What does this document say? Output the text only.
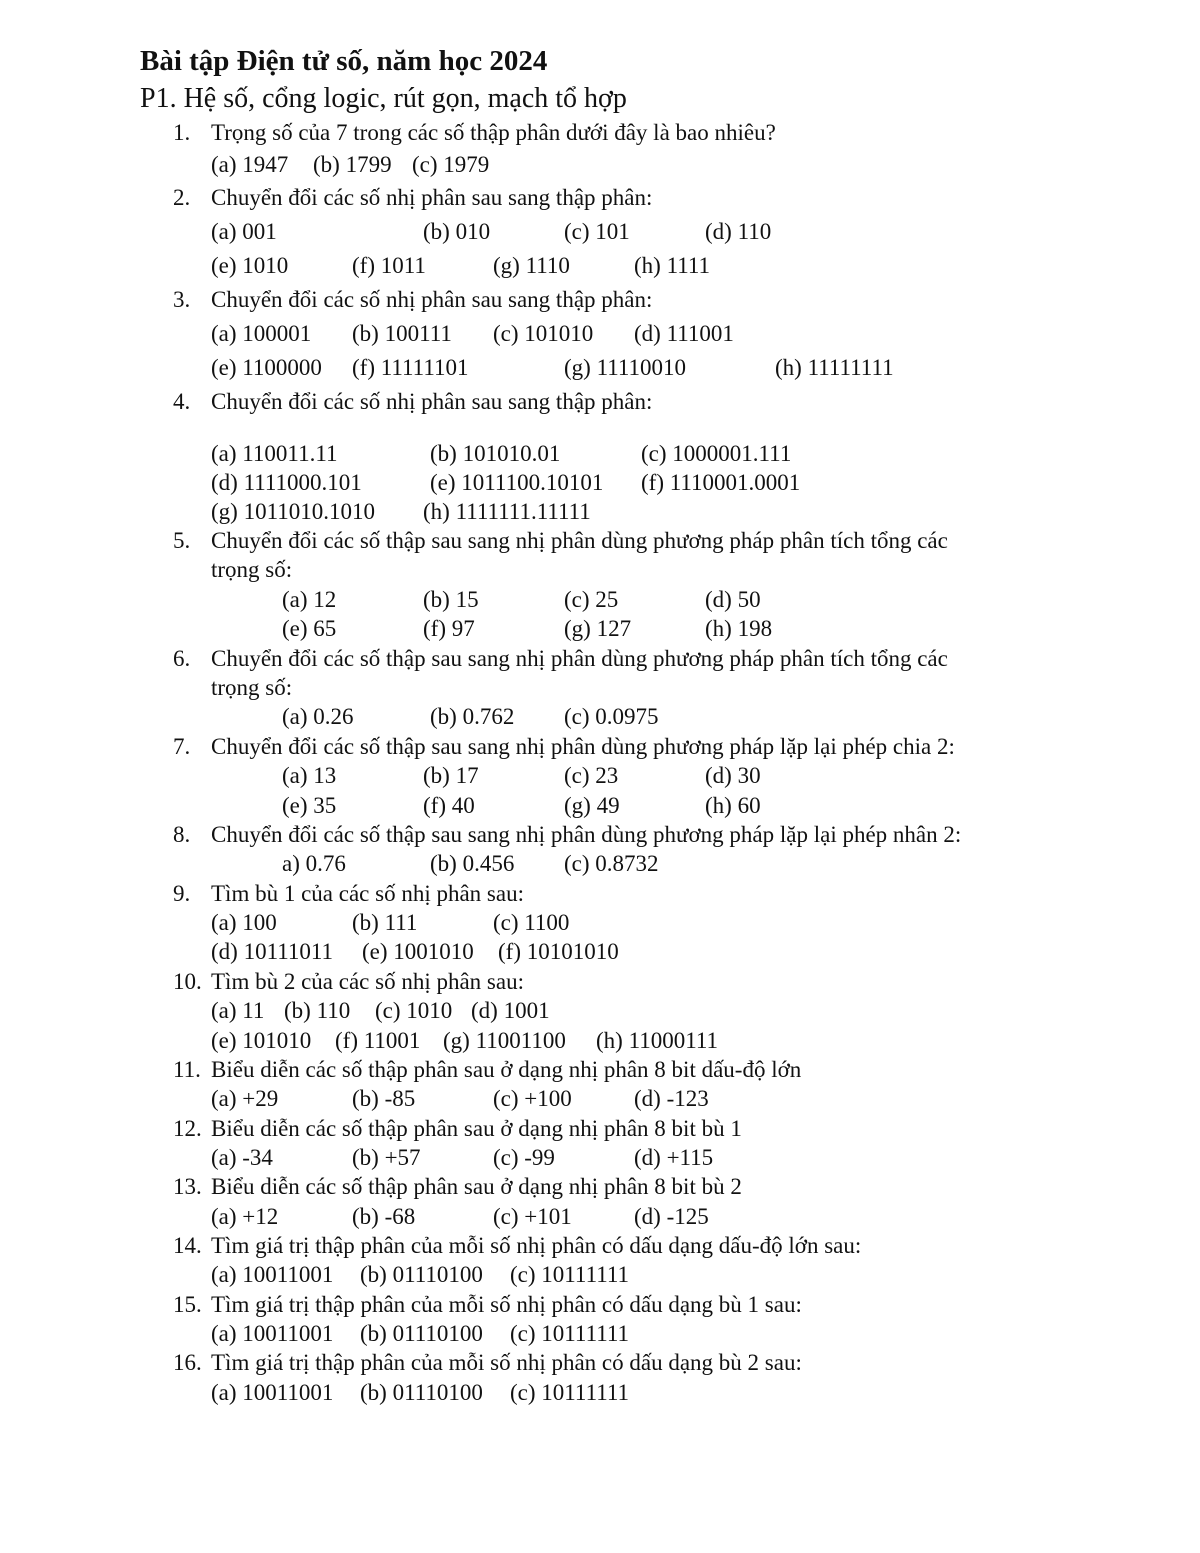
Bài tập Điện tử số, năm học 2024
P1. Hệ số, cổng logic, rút gọn, mạch tổ hợp
1. Trọng số của 7 trong các số thập phân dưới đây là bao nhiêu?
(a) 1947 (b) 1799 (c) 1979
2. Chuyển đổi các số nhị phân sau sang thập phân:
(a) 001	(b) 010	(c) 101	(d) 110
(e) 1010	(f) 1011	(g) 1110	(h) 1111
3. Chuyển đổi các số nhị phân sau sang thập phân:
(a) 100001 (b) 100111 (c) 101010 (d) 111001
(e) 1100000 (f) 11111101	(g) 11110010	(h) 11111111
4. Chuyển đổi các số nhị phân sau sang thập phân:
(a) 110011.11	(b) 101010.01	(c) 1000001.111
(d) 1111000.101	(e) 1011100.10101 (f) 1110001.0001
(g) 1011010.1010 (h) 1111111.11111
5. Chuyển đổi các số thập sau sang nhị phân dùng phương pháp phân tích tổng các
trọng số:
(a) 12	(b) 15	(c) 25	(d) 50
(e) 65	(f) 97	(g) 127	(h) 198
6. Chuyển đổi các số thập sau sang nhị phân dùng phương pháp phân tích tổng các
trọng số:
(a) 0.26	(b) 0.762 (c) 0.0975
7. Chuyển đổi các số thập sau sang nhị phân dùng phương pháp lặp lại phép chia 2:
(a) 13	(b) 17	(c) 23	(d) 30
(e) 35	(f) 40	(g) 49	(h) 60
8. Chuyển đổi các số thập sau sang nhị phân dùng phương pháp lặp lại phép nhân 2:
a) 0.76	(b) 0.456 (c) 0.8732
9. Tìm bù 1 của các số nhị phân sau:
(a) 100	(b) 111	(c) 1100
(d) 10111011 (e) 1001010 (f) 10101010
10. Tìm bù 2 của các số nhị phân sau:
(a) 11 (b) 110 (c) 1010 (d) 1001
(e) 101010 (f) 11001 (g) 11001100 (h) 11000111
11. Biểu diễn các số thập phân sau ở dạng nhị phân 8 bit dấu-độ lớn
(a) +29	(b) -85	(c) +100	(d) -123
12. Biểu diễn các số thập phân sau ở dạng nhị phân 8 bit bù 1
(a) -34	(b) +57	(c) -99	(d) +115
13. Biểu diễn các số thập phân sau ở dạng nhị phân 8 bit bù 2
(a) +12	(b) -68	(c) +101	(d) -125
14. Tìm giá trị thập phân của mỗi số nhị phân có dấu dạng dấu-độ lớn sau:
(a) 10011001 (b) 01110100 (c) 10111111
15. Tìm giá trị thập phân của mỗi số nhị phân có dấu dạng bù 1 sau:
(a) 10011001 (b) 01110100 (c) 10111111
16. Tìm giá trị thập phân của mỗi số nhị phân có dấu dạng bù 2 sau:
(a) 10011001 (b) 01110100 (c) 10111111
